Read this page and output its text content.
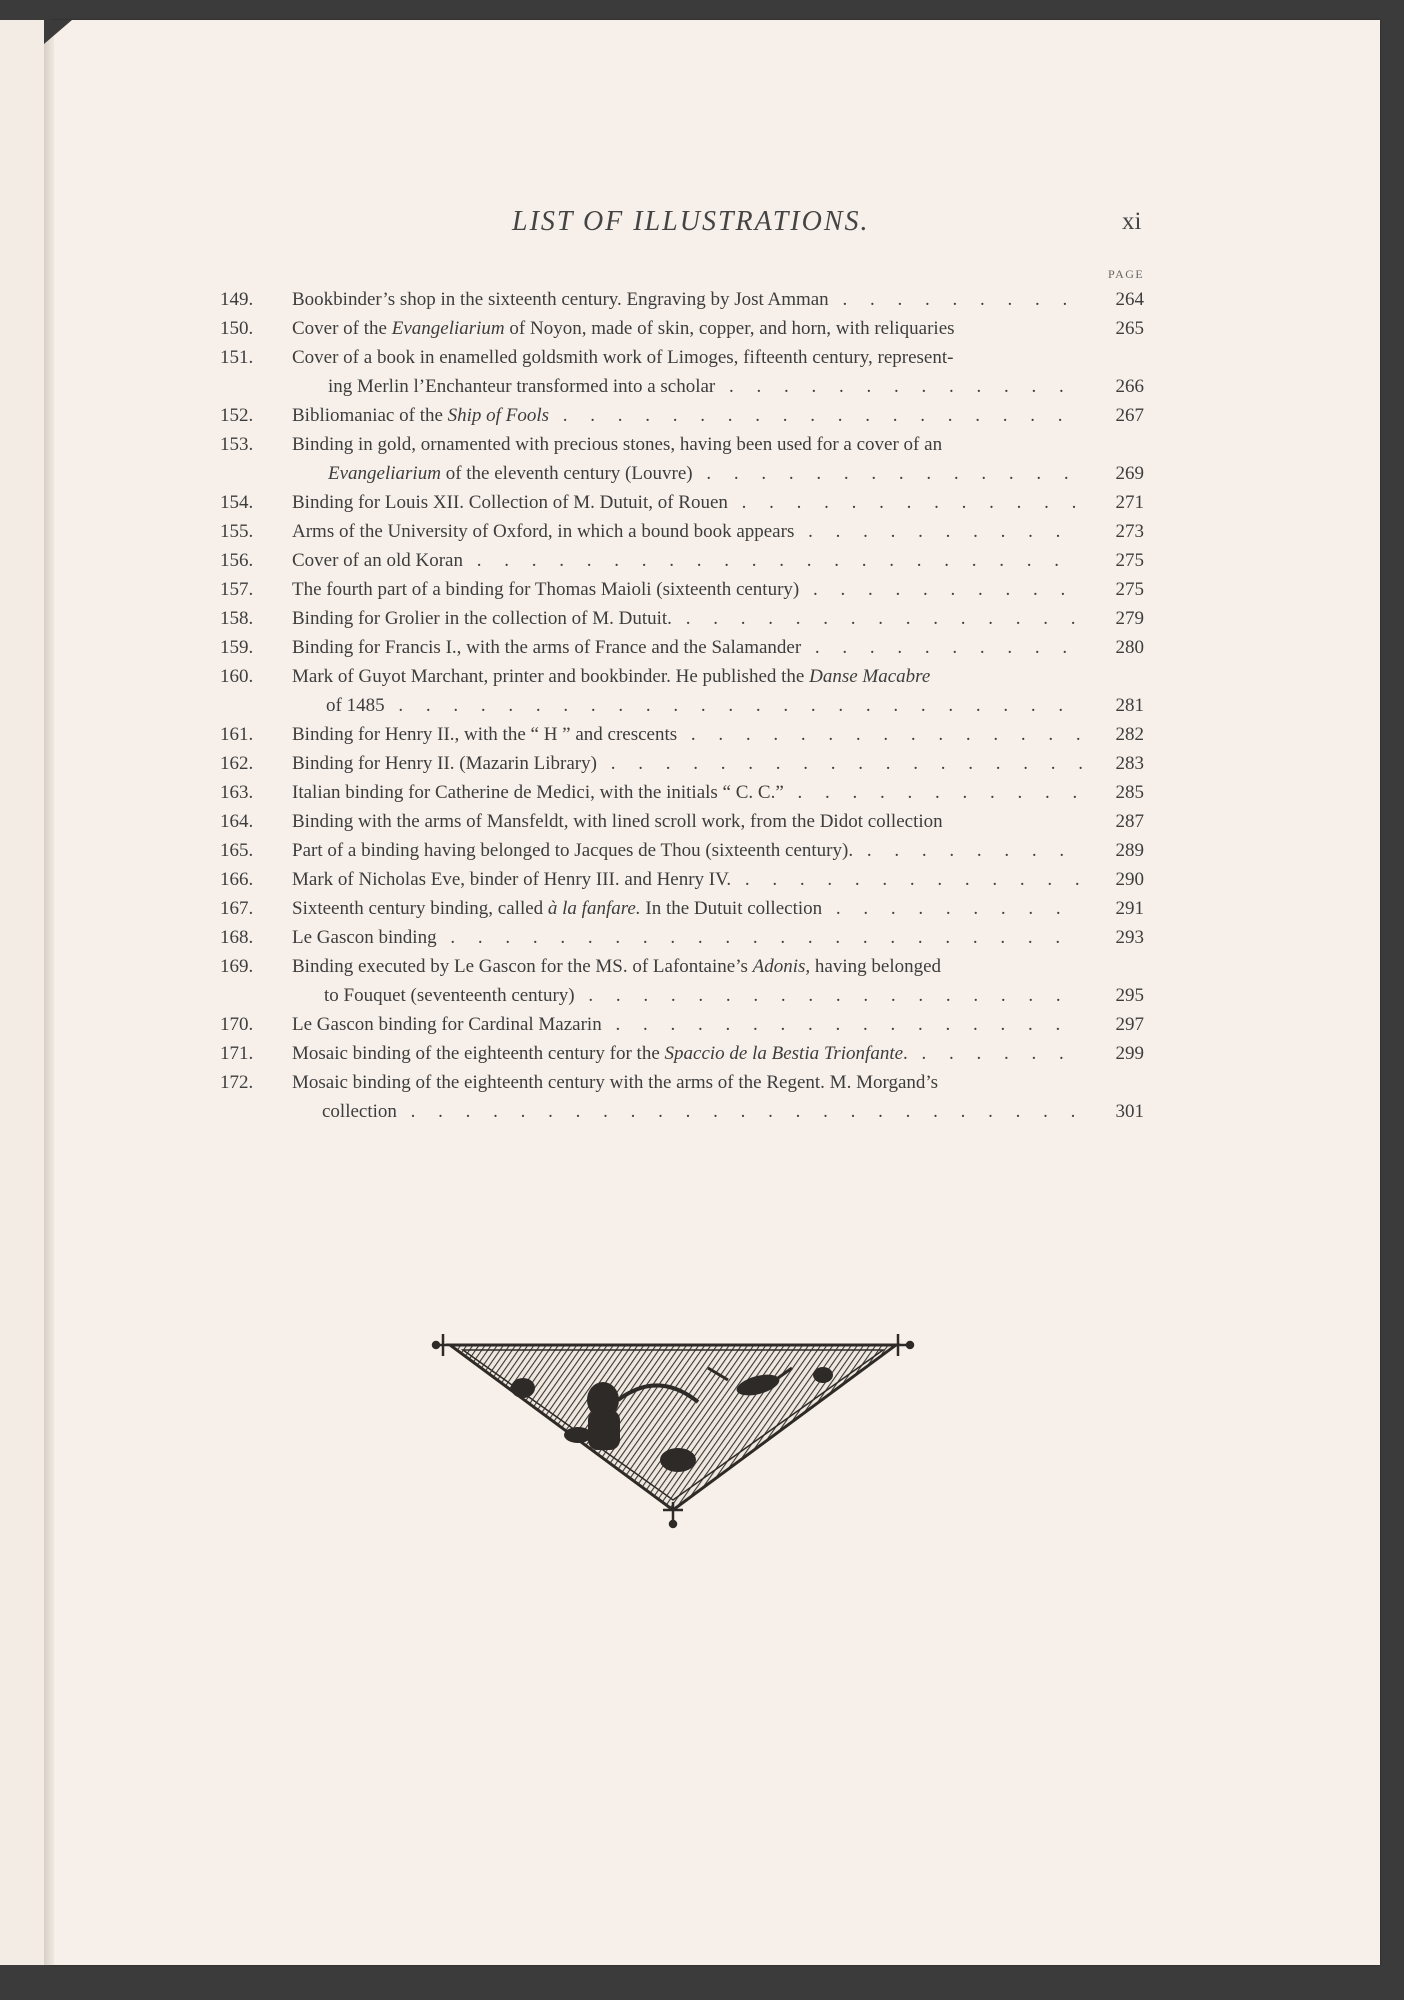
LIST OF ILLUSTRATIONS.	xi
PAGE
149.	Bookbinder’s shop in the sixteenth century. Engraving by Jost Amman . . .	264
150.	Cover of the Evangeliarium of Noyon, made of skin, copper, and horn, with reliquaries	265
151.	Cover of a book in enamelled goldsmith work of Limoges, fifteenth century, represent-
ing Merlin l’Enchanteur transformed into a scholar . . .	266
152.	Bibliomaniac of the Ship of Fools . . .	267
153.	Binding in gold, ornamented with precious stones, having been used for a cover of an
Evangeliarium of the eleventh century (Louvre) . . .	269
154.	Binding for Louis XII. Collection of M. Dutuit, of Rouen . . .	271
155.	Arms of the University of Oxford, in which a bound book appears . . .	273
156.	Cover of an old Koran . . .	275
157.	The fourth part of a binding for Thomas Maioli (sixteenth century) . . .	275
158.	Binding for Grolier in the collection of M. Dutuit. . . .	279
159.	Binding for Francis I., with the arms of France and the Salamander . . .	280
160.	Mark of Guyot Marchant, printer and bookbinder. He published the Danse Macabre
of 1485 . . .	281
161.	Binding for Henry II., with the “ H ” and crescents . . .	282
162.	Binding for Henry II. (Mazarin Library) . . .	283
163.	Italian binding for Catherine de Medici, with the initials “ C. C.” . . .	285
164.	Binding with the arms of Mansfeldt, with lined scroll work, from the Didot collection	287
165.	Part of a binding having belonged to Jacques de Thou (sixteenth century). . . .	289
166.	Mark of Nicholas Eve, binder of Henry III. and Henry IV. . . .	290
167.	Sixteenth century binding, called à la fanfare. In the Dutuit collection . . .	291
168.	Le Gascon binding . . .	293
169.	Binding executed by Le Gascon for the MS. of Lafontaine’s Adonis, having belonged
to Fouquet (seventeenth century) . . .	295
170.	Le Gascon binding for Cardinal Mazarin . . .	297
171.	Mosaic binding of the eighteenth century for the Spaccio de la Bestia Trionfante. . . .	299
172.	Mosaic binding of the eighteenth century with the arms of the Regent. M. Morgand’s
collection . . .	301
